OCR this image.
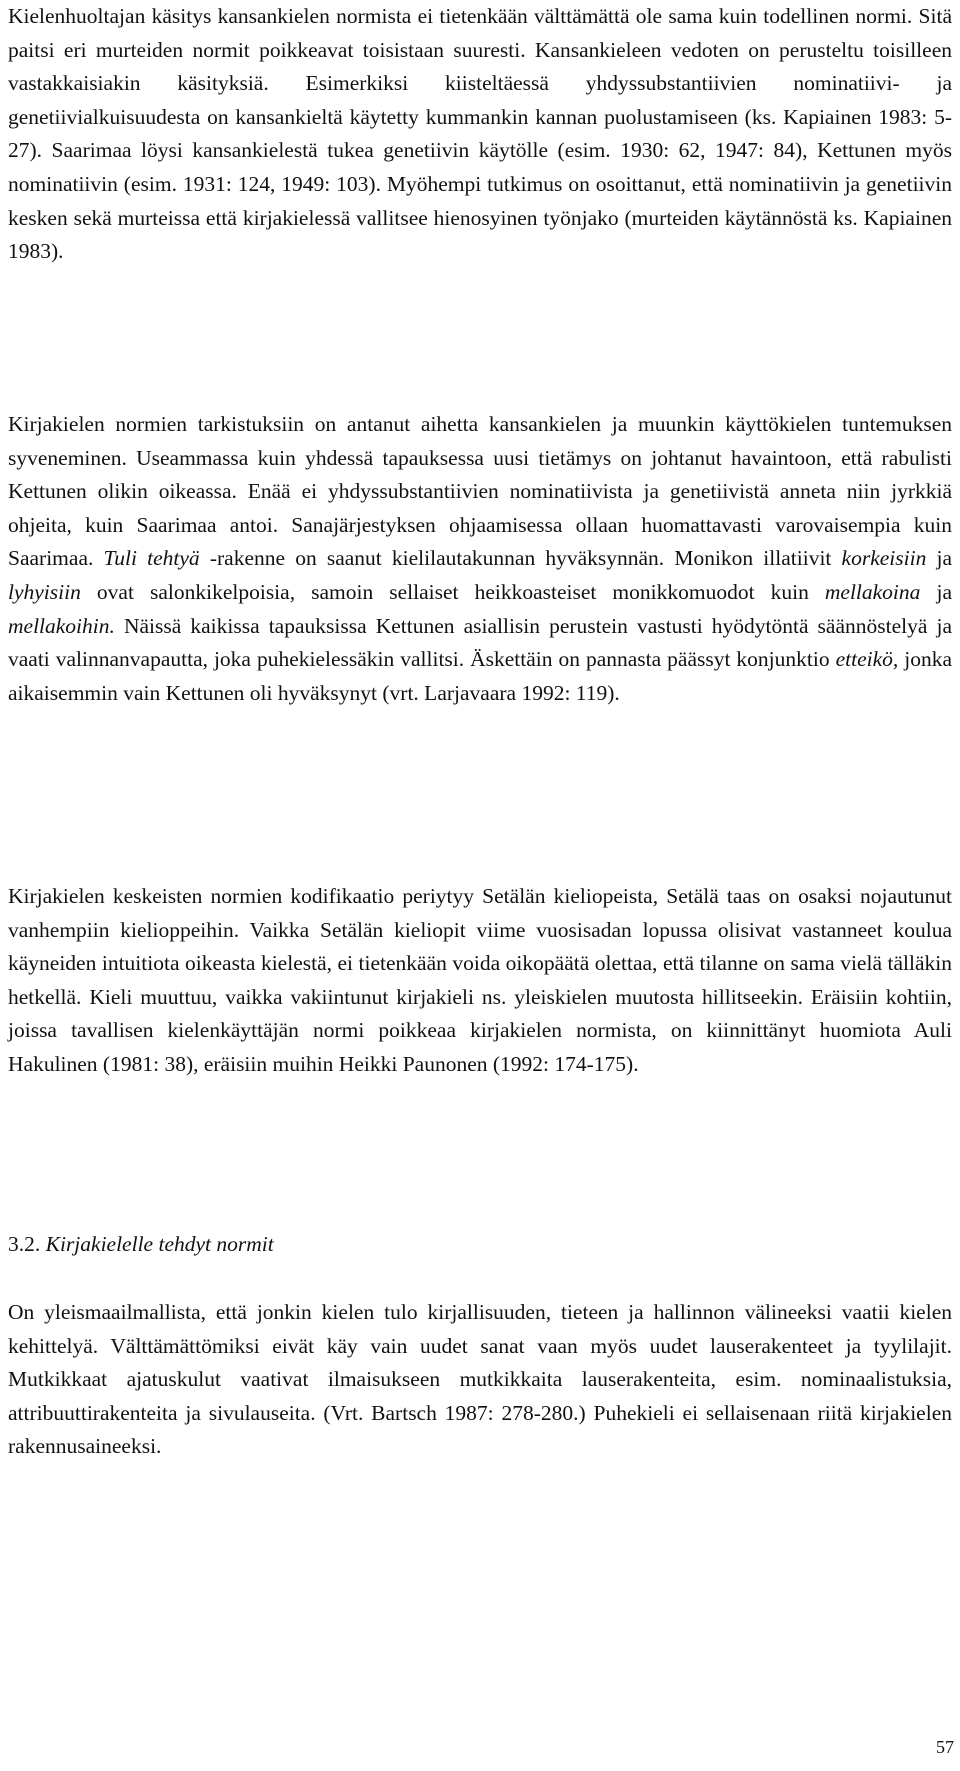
Kielenhuoltajan käsitys kansankielen normista ei tietenkään välttämättä ole sama kuin todellinen normi. Sitä paitsi eri murteiden normit poikkeavat toisistaan suuresti. Kansankieleen vedoten on perusteltu toisilleen vastakkaisiakin käsityksiä. Esimerkiksi kiisteltäessä yhdyssubstantiivien nominatiivi- ja genetiivialkuisuudesta on kansankieltä käytetty kummankin kannan puolustamiseen (ks. Kapiainen 1983: 5-27). Saarimaa löysi kansankielestä tukea genetiivin käytölle (esim. 1930: 62, 1947: 84), Kettunen myös nominatiivin (esim. 1931: 124, 1949: 103). Myöhempi tutkimus on osoittanut, että nominatiivin ja genetiivin kesken sekä murteissa että kirjakielessä vallitsee hienosyinen työnjako (murteiden käytännöstä ks. Kapiainen 1983).

Kirjakielen normien tarkistuksiin on antanut aihetta kansankielen ja muunkin käyttökielen tuntemuksen syveneminen. Useammassa kuin yhdessä tapauksessa uusi tietämys on johtanut havaintoon, että rabulisti Kettunen olikin oikeassa. Enää ei yhdyssubstantiivien nominatiivista ja genetiivistä anneta niin jyrkkiä ohjeita, kuin Saarimaa antoi. Sanajärjestyksen ohjaamisessa ollaan huomattavasti varovaisempia kuin Saarimaa. Tuli tehtyä -rakenne on saanut kielilautakunnan hyväksynnän. Monikon illatiivit korkeisiin ja lyhyisiin ovat salonkikelpoisia, samoin sellaiset heikkoasteiset monikkomuodot kuin mellakoina ja mellakoihin. Näissä kaikissa tapauksissa Kettunen asiallisin perustein vastusti hyödytöntä säännöstelyä ja vaati valinnanvapautta, joka puhekielessäkin vallitsi. Äskettäin on pannasta päässyt konjunktio etteikö, jonka aikaisemmin vain Kettunen oli hyväksynyt (vrt. Larjavaara 1992: 119).

Kirjakielen keskeisten normien kodifikaatio periytyy Setälän kieliopeista, Setälä taas on osaksi nojautunut vanhempiin kielioppeihin. Vaikka Setälän kieliopit viime vuosisadan lopussa olisivat vastanneet koulua käyneiden intuitiota oikeasta kielestä, ei tietenkään voida oikopäätä olettaa, että tilanne on sama vielä tälläkin hetkellä. Kieli muuttuu, vaikka vakiintunut kirjakieli ns. yleiskielen muutosta hillitseekin. Eräisiin kohtiin, joissa tavallisen kielenkäyttäjän normi poikkeaa kirjakielen normista, on kiinnittänyt huomiota Auli Hakulinen (1981: 38), eräisiin muihin Heikki Paunonen (1992: 174-175).

3.2. Kirjakielelle tehdyt normit

On yleismaailmallista, että jonkin kielen tulo kirjallisuuden, tieteen ja hallinnon välineeksi vaatii kielen kehittelyä. Välttämättömiksi eivät käy vain uudet sanat vaan myös uudet lauserakenteet ja tyylilajit. Mutkikkaat ajatuskulut vaativat ilmaisukseen mutkikkaita lauserakenteita, esim. nominaalistuksia, attribuuttirakenteita ja sivulauseita. (Vrt. Bartsch 1987: 278-280.) Puhekieli ei sellaisenaan riitä kirjakielen rakennusaineeksi.

57
